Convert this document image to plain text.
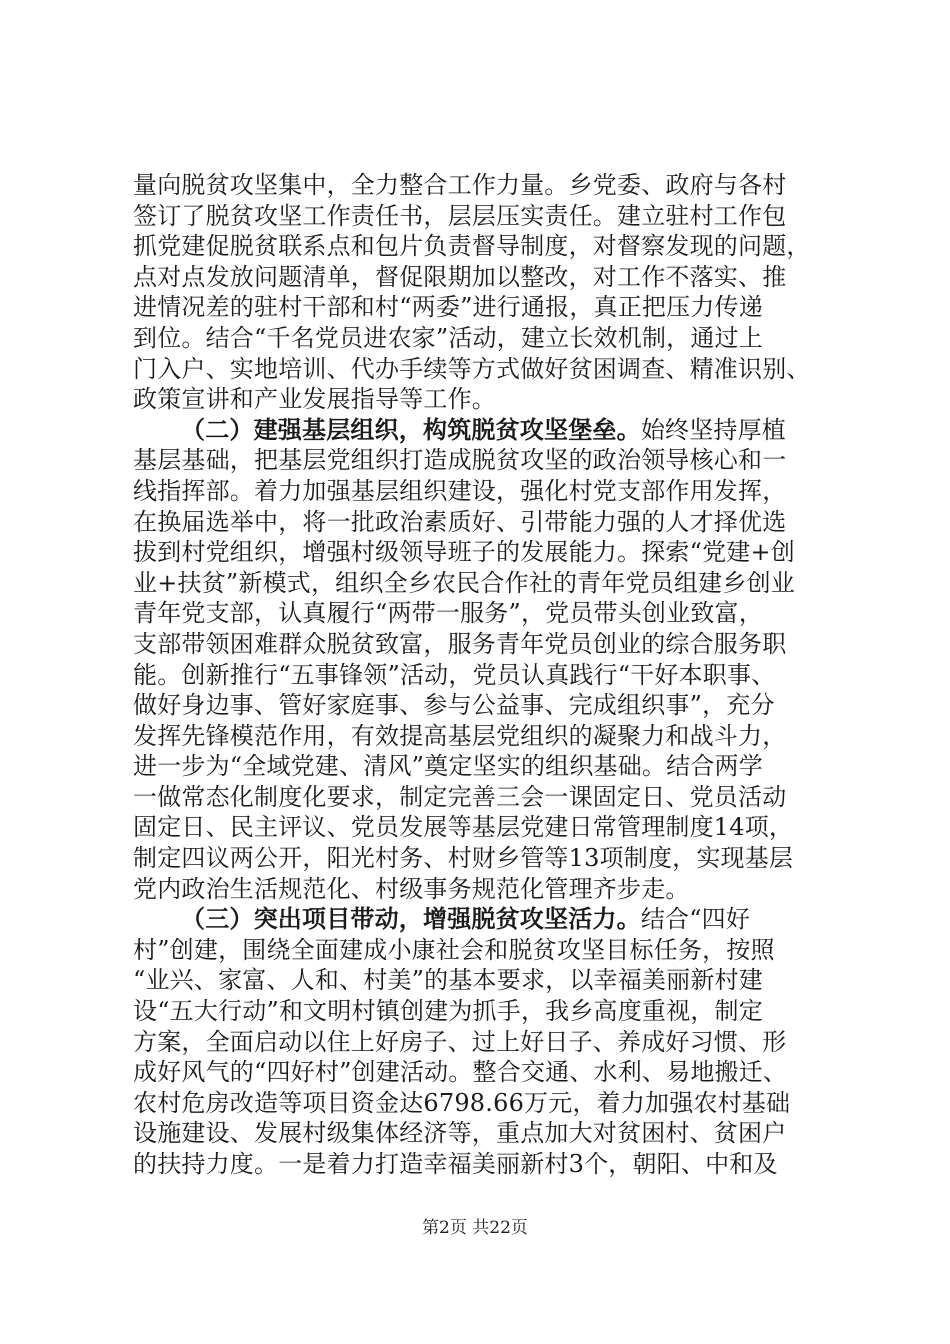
量向脱贫攻坚集中，全力整合工作力量。乡党委、政府与各村
签订了脱贫攻坚工作责任书，层层压实责任。建立驻村工作包
抓党建促脱贫联系点和包片负责督导制度，对督察发现的问题，
点对点发放问题清单，督促限期加以整改，对工作不落实、推
进情况差的驻村干部和村“两委”进行通报，真正把压力传递
到位。结合“千名党员进农家”活动，建立长效机制，通过上
门入户、实地培训、代办手续等方式做好贫困调查、精准识别、
政策宣讲和产业发展指导等工作。
（二）建强基层组织，构筑脱贫攻坚堡垒。始终坚持厚植
基层基础，把基层党组织打造成脱贫攻坚的政治领导核心和一
线指挥部。着力加强基层组织建设，强化村党支部作用发挥，
在换届选举中，将一批政治素质好、引带能力强的人才择优选
拔到村党组织，增强村级领导班子的发展能力。探索“党建+创
业+扶贫”新模式，组织全乡农民合作社的青年党员组建乡创业
青年党支部，认真履行“两带一服务”，党员带头创业致富，
支部带领困难群众脱贫致富，服务青年党员创业的综合服务职
能。创新推行“五事锋领”活动，党员认真践行“干好本职事、
做好身边事、管好家庭事、参与公益事、完成组织事”，充分
发挥先锋模范作用，有效提高基层党组织的凝聚力和战斗力，
进一步为“全域党建、清风”奠定坚实的组织基础。结合两学
一做常态化制度化要求，制定完善三会一课固定日、党员活动
固定日、民主评议、党员发展等基层党建日常管理制度14项，
制定四议两公开，阳光村务、村财乡管等13项制度，实现基层
党内政治生活规范化、村级事务规范化管理齐步走。
（三）突出项目带动，增强脱贫攻坚活力。结合“四好
村”创建，围绕全面建成小康社会和脱贫攻坚目标任务，按照
“业兴、家富、人和、村美”的基本要求，以幸福美丽新村建
设“五大行动”和文明村镇创建为抓手，我乡高度重视，制定
方案，全面启动以住上好房子、过上好日子、养成好习惯、形
成好风气的“四好村”创建活动。整合交通、水利、易地搬迁、
农村危房改造等项目资金达6798.66万元，着力加强农村基础
设施建设、发展村级集体经济等，重点加大对贫困村、贫困户
的扶持力度。一是着力打造幸福美丽新村3个，朝阳、中和及
第2页 共22页
